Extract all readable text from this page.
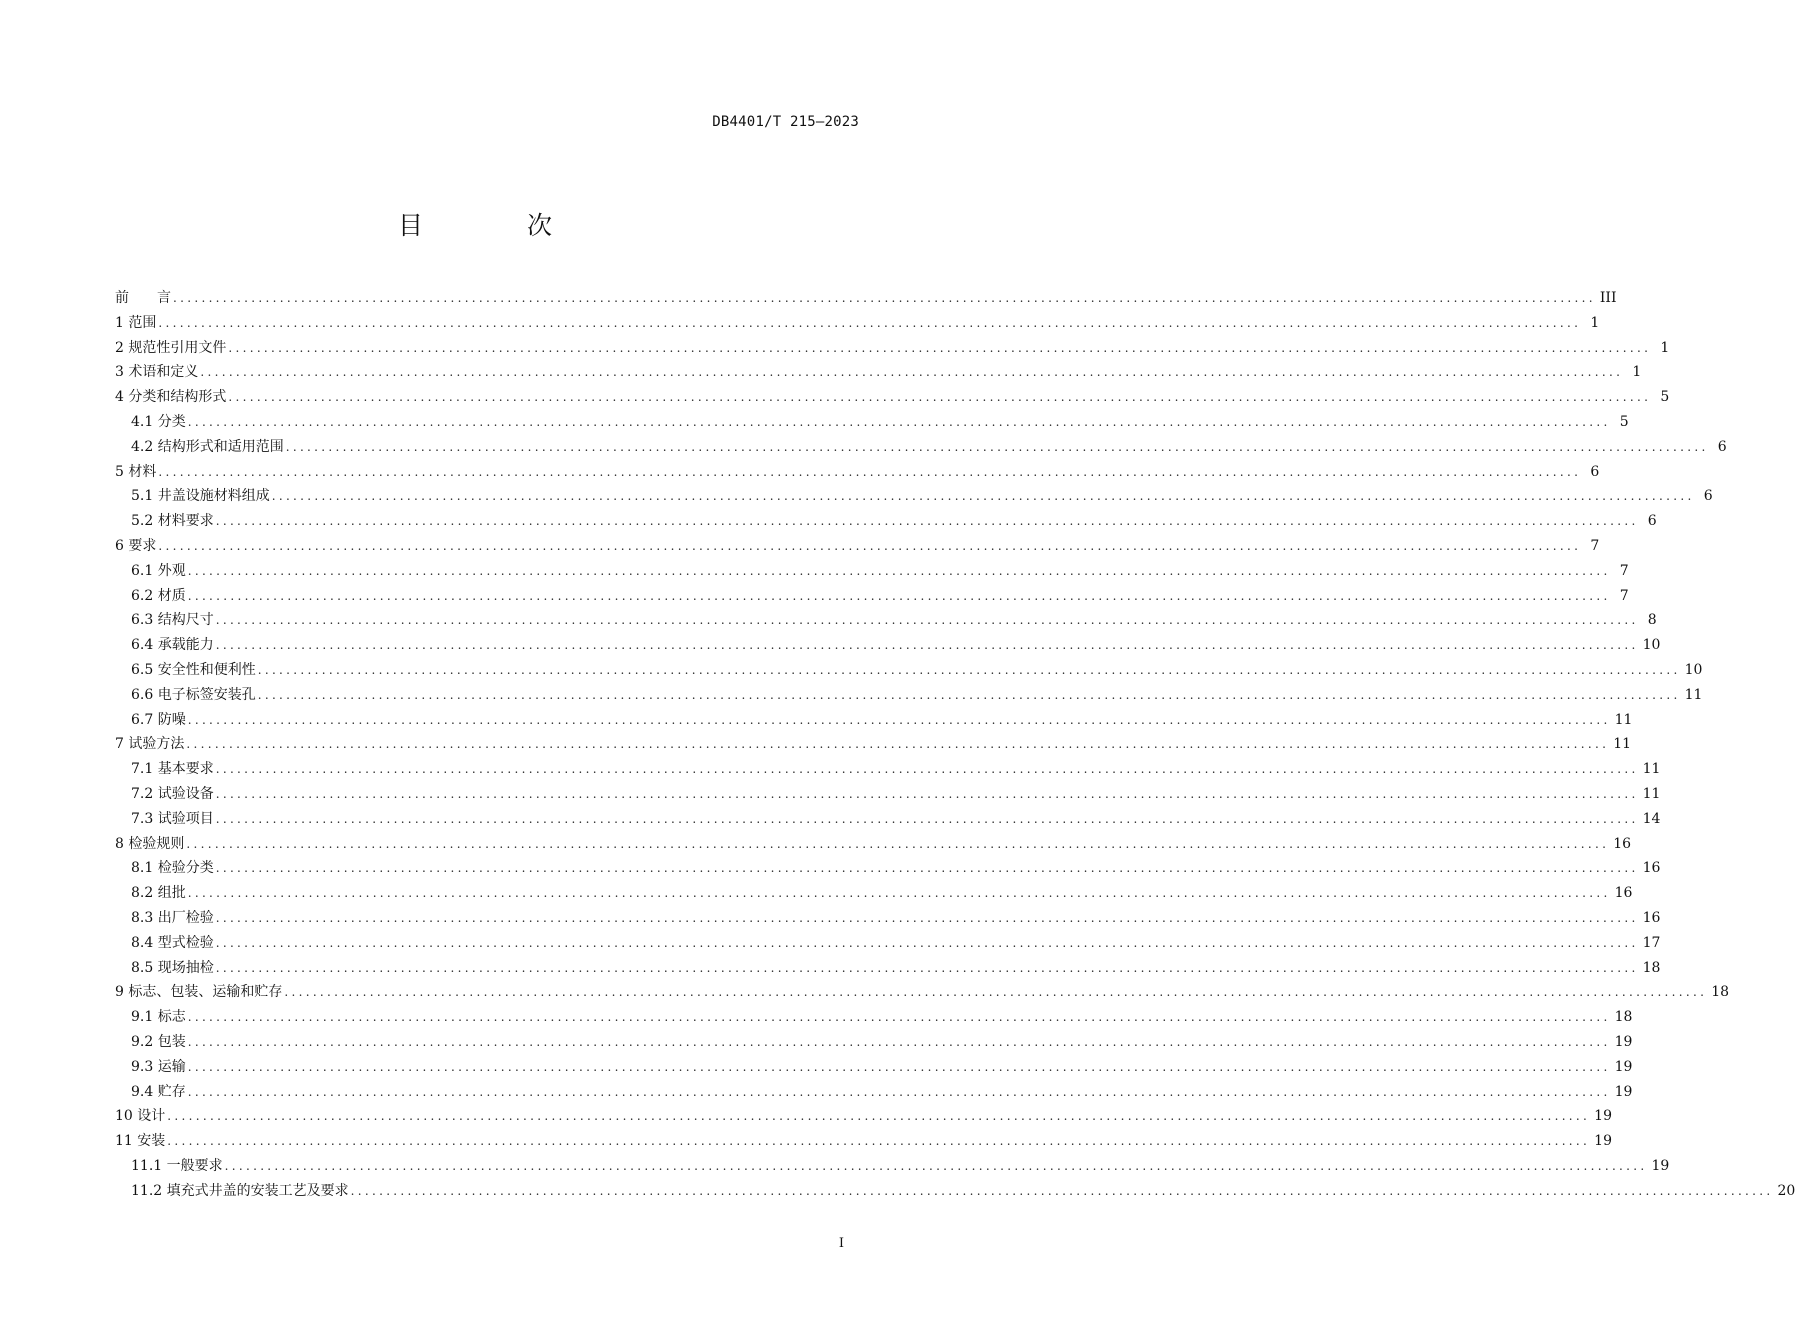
DB4401/T 215—2023
目 次
前　　言 ........................................................................................................................................................................................................ III
1 范围 ........................................................................................................................................................................................................ 1
2 规范性引用文件 ........................................................................................................................................................................................................ 1
3 术语和定义 ........................................................................................................................................................................................................ 1
4 分类和结构形式 ........................................................................................................................................................................................................ 5
4.1 分类 ........................................................................................................................................................................................................ 5
4.2 结构形式和适用范围 ........................................................................................................................................................................................................ 6
5 材料 ........................................................................................................................................................................................................ 6
5.1 井盖设施材料组成 ........................................................................................................................................................................................................ 6
5.2 材料要求 ........................................................................................................................................................................................................ 6
6 要求 ........................................................................................................................................................................................................ 7
6.1 外观 ........................................................................................................................................................................................................ 7
6.2 材质 ........................................................................................................................................................................................................ 7
6.3 结构尺寸 ........................................................................................................................................................................................................ 8
6.4 承载能力 ........................................................................................................................................................................................................ 10
6.5 安全性和便利性 ........................................................................................................................................................................................................ 10
6.6 电子标签安装孔 ........................................................................................................................................................................................................ 11
6.7 防噪 ........................................................................................................................................................................................................ 11
7 试验方法 ........................................................................................................................................................................................................ 11
7.1 基本要求 ........................................................................................................................................................................................................ 11
7.2 试验设备 ........................................................................................................................................................................................................ 11
7.3 试验项目 ........................................................................................................................................................................................................ 14
8 检验规则 ........................................................................................................................................................................................................ 16
8.1 检验分类 ........................................................................................................................................................................................................ 16
8.2 组批 ........................................................................................................................................................................................................ 16
8.3 出厂检验 ........................................................................................................................................................................................................ 16
8.4 型式检验 ........................................................................................................................................................................................................ 17
8.5 现场抽检 ........................................................................................................................................................................................................ 18
9 标志、包装、运输和贮存 ........................................................................................................................................................................................................ 18
9.1 标志 ........................................................................................................................................................................................................ 18
9.2 包装 ........................................................................................................................................................................................................ 19
9.3 运输 ........................................................................................................................................................................................................ 19
9.4 贮存 ........................................................................................................................................................................................................ 19
10 设计 ........................................................................................................................................................................................................ 19
11 安装 ........................................................................................................................................................................................................ 19
11.1 一般要求 ........................................................................................................................................................................................................ 19
11.2 填充式井盖的安装工艺及要求 ........................................................................................................................................................................................................ 20
I
